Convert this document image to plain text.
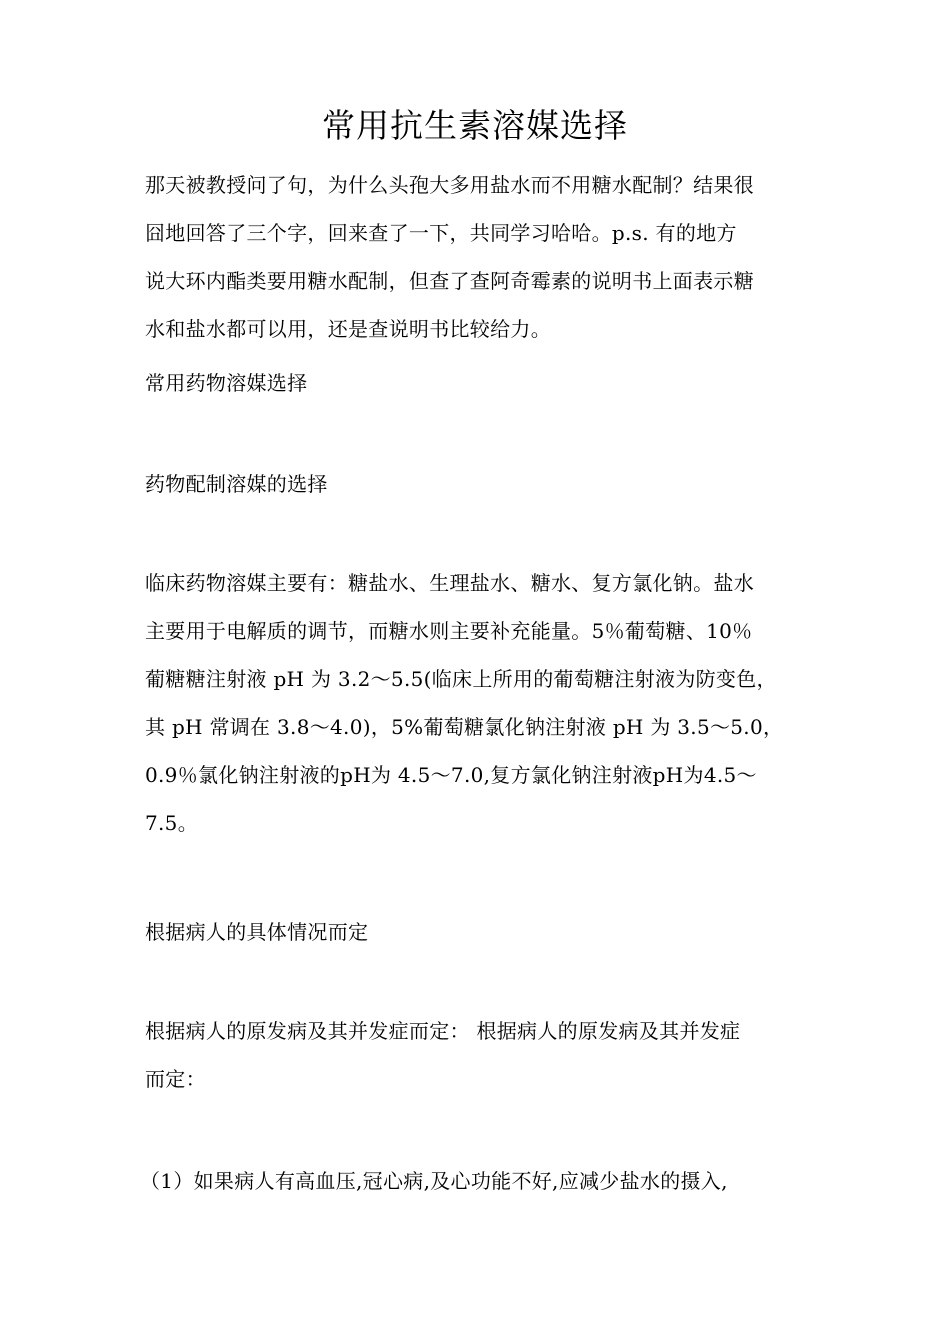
常用抗生素溶媒选择
那天被教授问了句，为什么头孢大多用盐水而不用糖水配制？结果很
囧地回答了三个字，回来查了一下，共同学习哈哈。p.s. 有的地方
说大环内酯类要用糖水配制，但查了查阿奇霉素的说明书上面表示糖
水和盐水都可以用，还是查说明书比较给力。
常用药物溶媒选择
药物配制溶媒的选择
临床药物溶媒主要有：糖盐水、生理盐水、糖水、复方氯化钠。盐水
主要用于电解质的调节，而糖水则主要补充能量。5％葡萄糖、10％
葡糖糖注射液 pH 为 3.2～5.5(临床上所用的葡萄糖注射液为防变色，
其 pH 常调在 3.8～4.0)，5%葡萄糖氯化钠注射液 pH 为 3.5～5.0，
0.9％氯化钠注射液的pH为 4.5～7.0,复方氯化钠注射液pH为4.5～
7.5。
根据病人的具体情况而定
根据病人的原发病及其并发症而定： 根据病人的原发病及其并发症
而定：
（1）如果病人有高血压,冠心病,及心功能不好,应减少盐水的摄入,
